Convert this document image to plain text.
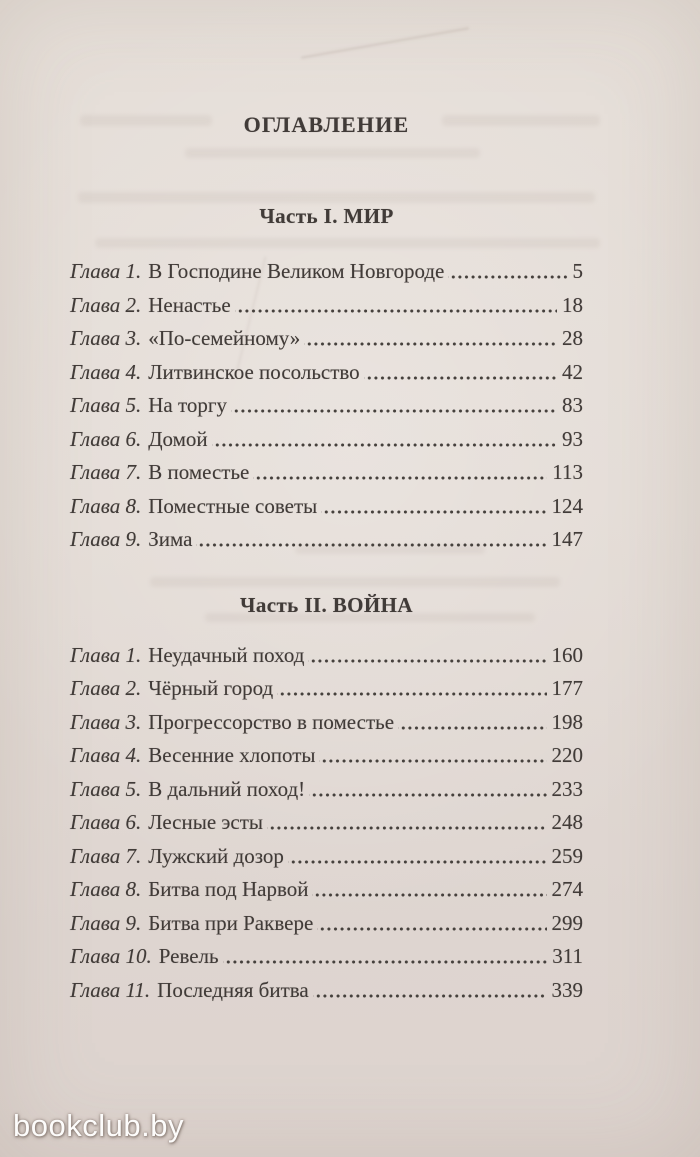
ОГЛАВЛЕНИЕ
Часть I. МИР
Глава 1. В Господине Великом Новгороде	5
Глава 2. Ненастье	18
Глава 3. «По-семейному»	28
Глава 4. Литвинское посольство	42
Глава 5. На торгу	83
Глава 6. Домой	93
Глава 7. В поместье	113
Глава 8. Поместные советы	124
Глава 9. Зима	147
Часть II. ВОЙНА
Глава 1. Неудачный поход	160
Глава 2. Чёрный город	177
Глава 3. Прогрессорство в поместье	198
Глава 4. Весенние хлопоты	220
Глава 5. В дальний поход!	233
Глава 6. Лесные эсты	248
Глава 7. Лужский дозор	259
Глава 8. Битва под Нарвой	274
Глава 9. Битва при Раквере	299
Глава 10. Ревель	311
Глава 11. Последняя битва	339
bookclub.by
